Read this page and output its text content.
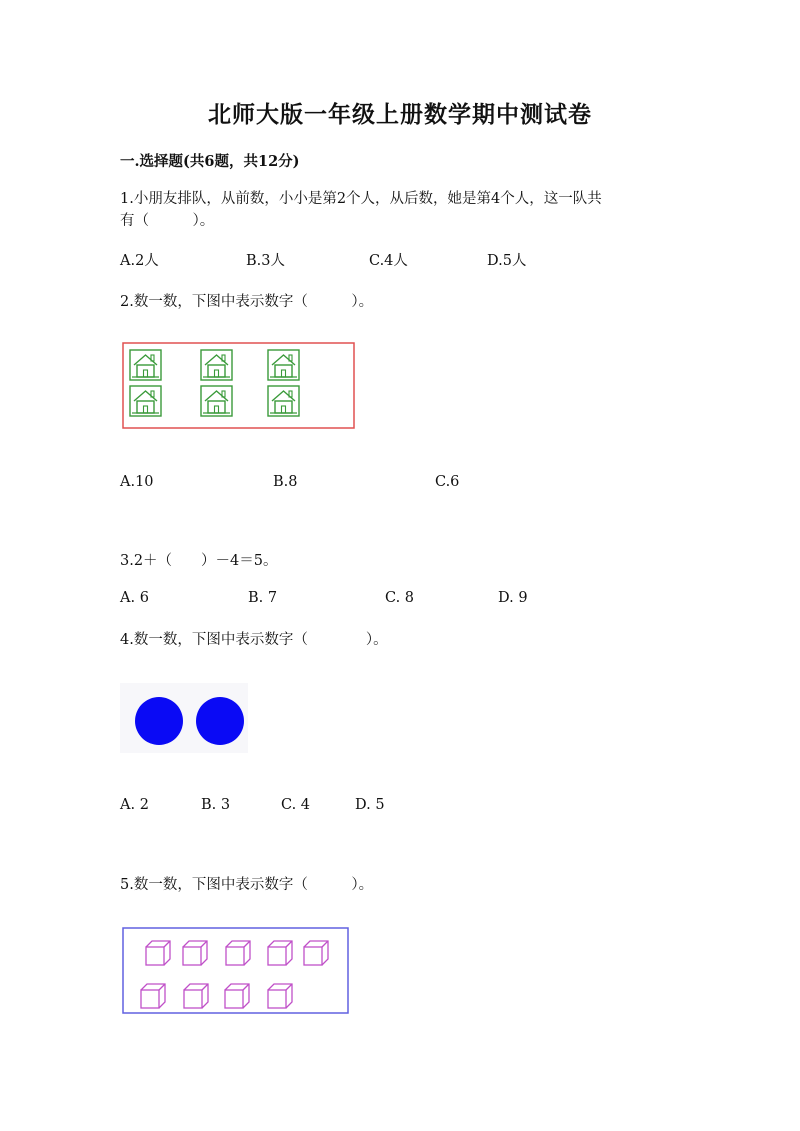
北师大版一年级上册数学期中测试卷
一.选择题(共6题，共12分)
1.小朋友排队，从前数，小小是第2个人，从后数，她是第4个人，这一队共
有（　　　）。
A.2人	B.3人	C.4人	D.5人
2.数一数，下图中表示数字（　　　）。
A.10	B.8	C.6
3.2＋（　　）－4＝5。
A. 6	B. 7	C. 8	D. 9
4.数一数，下图中表示数字（　　　　）。
A. 2	B. 3	C. 4	D. 5
5.数一数，下图中表示数字（　　　）。
